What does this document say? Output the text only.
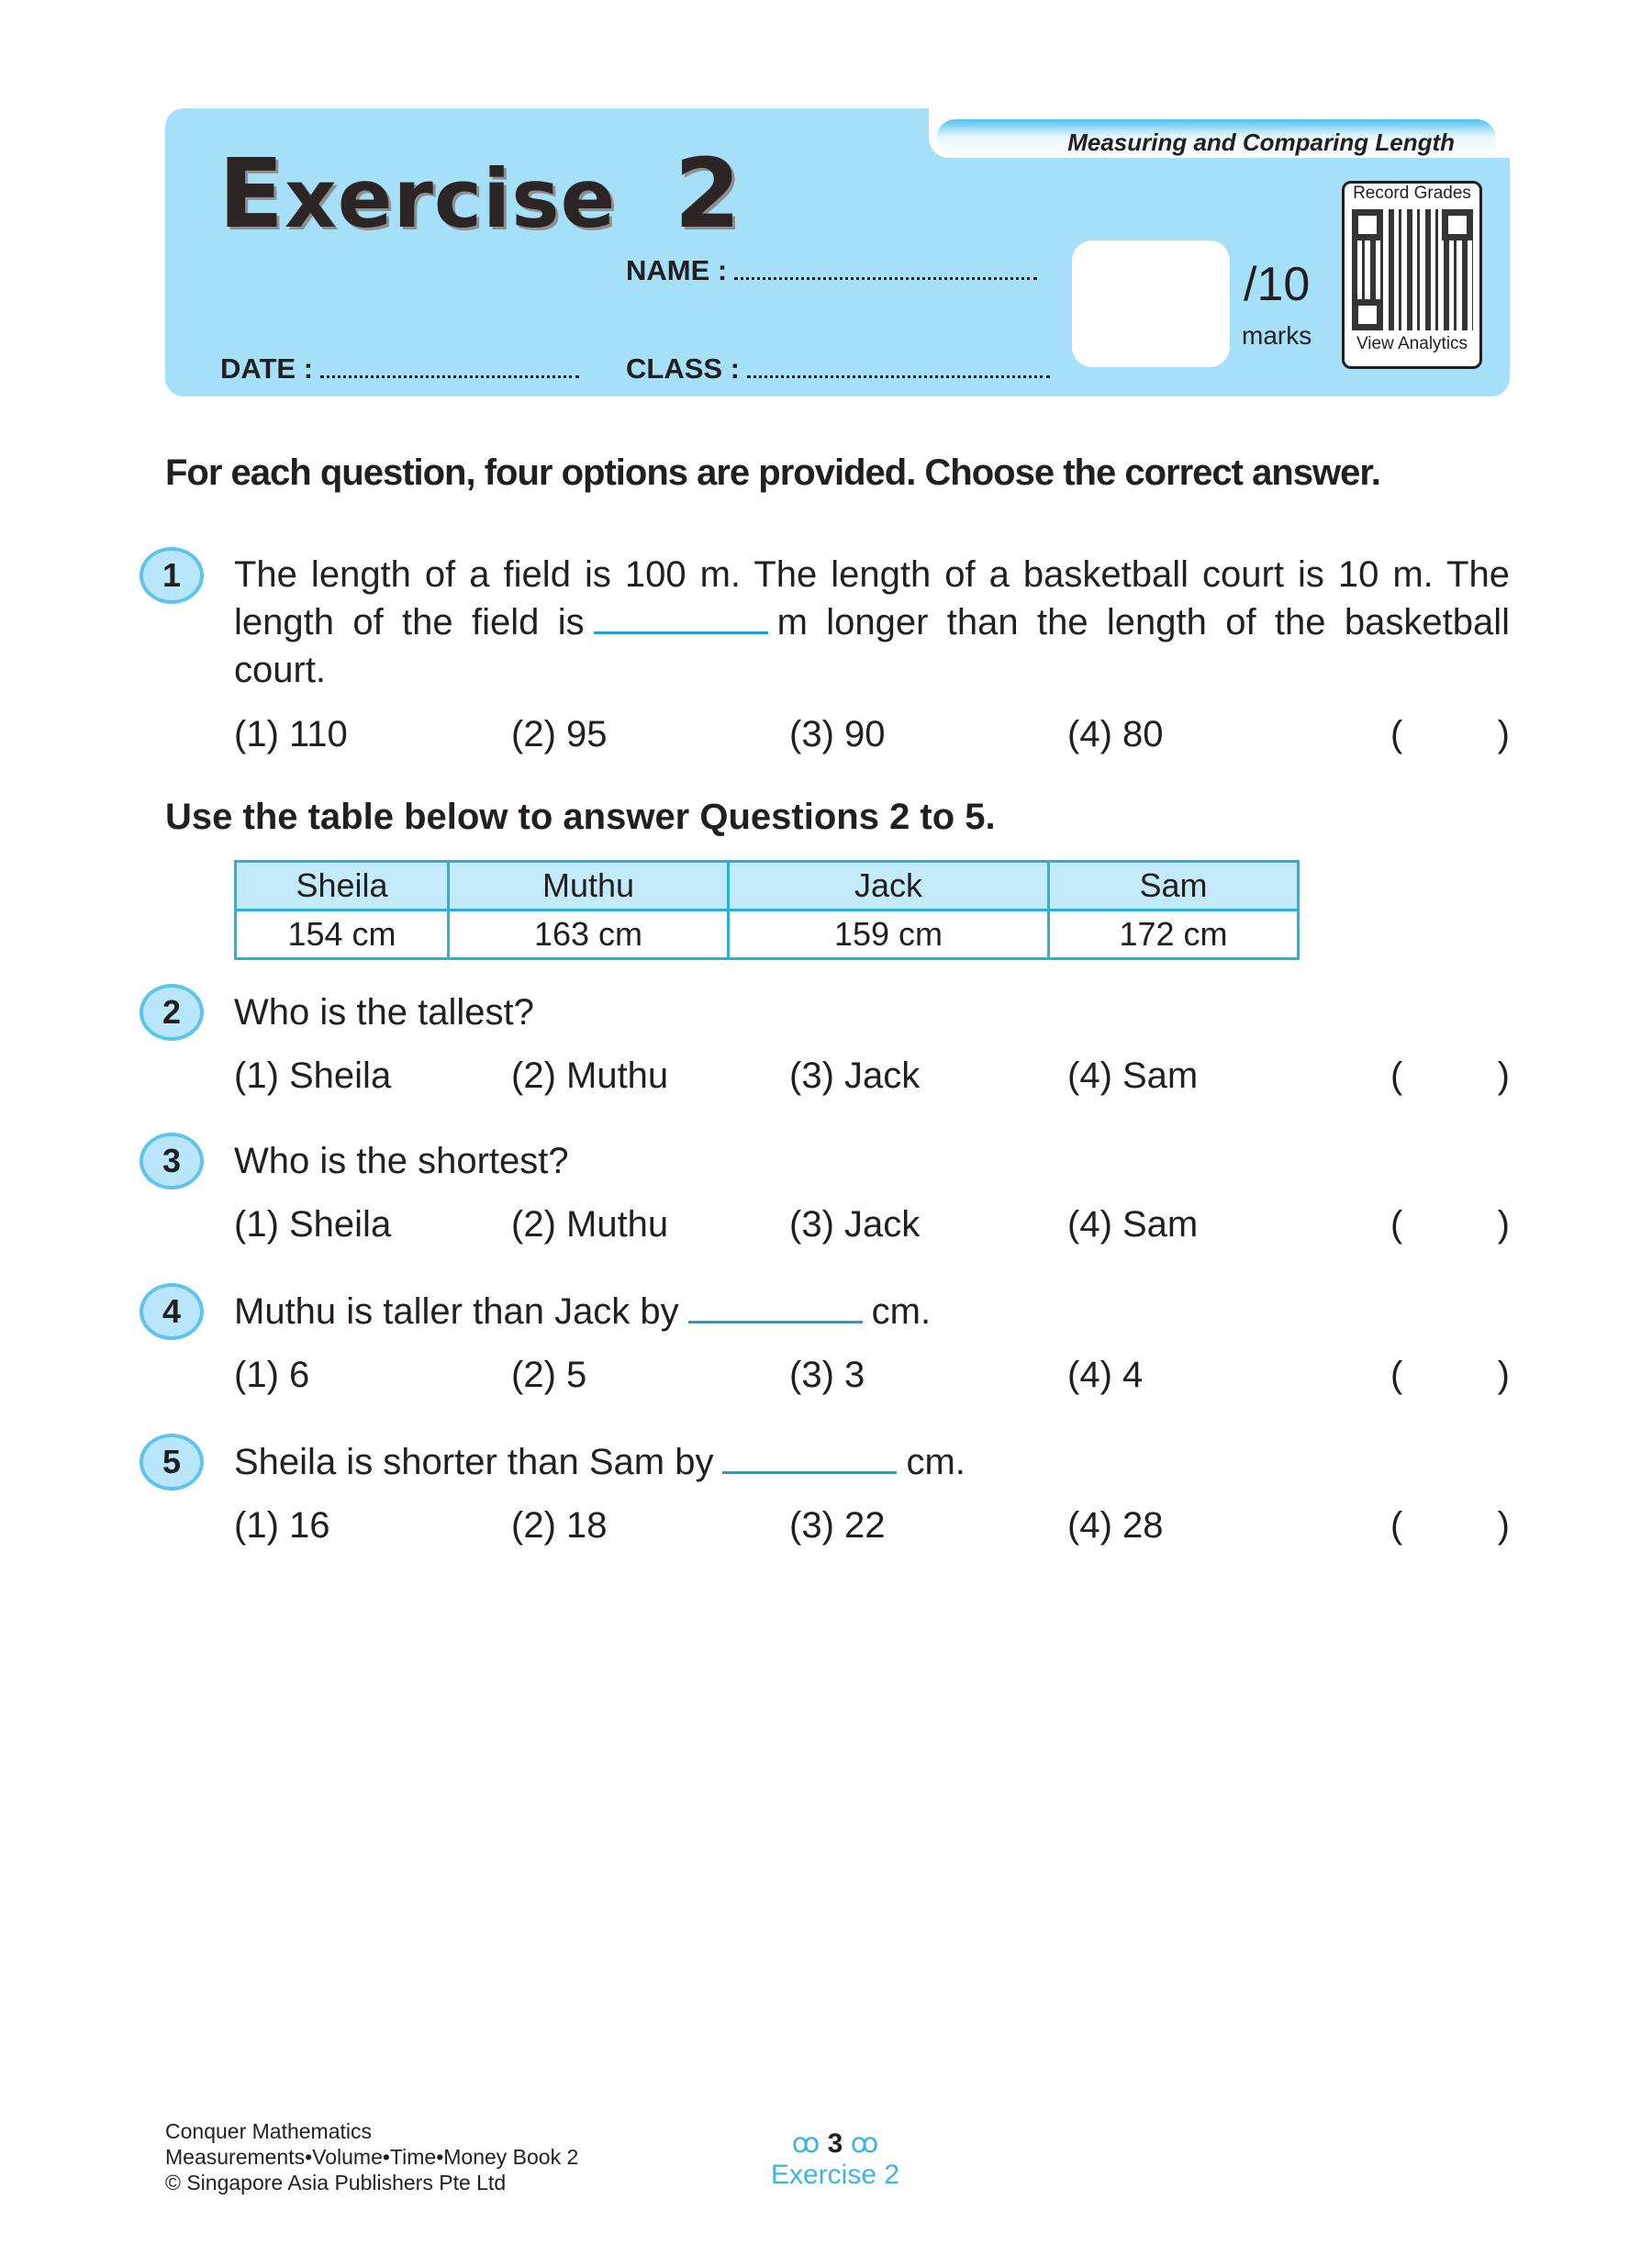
Measuring and Comparing Length
Exercise 2
NAME :
DATE :	CLASS :
/10
marks
Record Grades
View Analytics
For each question, four options are provided. Choose the correct answer.
1	The length of a field is 100 m. The length of a basketball court is 10 m. The length of the field is	m longer than the length of the basketball court.
(1) 110	(2) 95	(3) 90	(4) 80	(	)
Use the table below to answer Questions 2 to 5.
Sheila	Muthu	Jack	Sam
154 cm	163 cm	159 cm	172 cm
2	Who is the tallest?
(1) Sheila	(2) Muthu	(3) Jack	(4) Sam	(	)
3	Who is the shortest?
(1) Sheila	(2) Muthu	(3) Jack	(4) Sam	(	)
4	Muthu is taller than Jack by	cm.
(1) 6	(2) 5	(3) 3	(4) 4	(	)
5	Sheila is shorter than Sam by	cm.
(1) 16	(2) 18	(3) 22	(4) 28	(	)
Conquer Mathematics
Measurements•Volume•Time•Money Book 2
© Singapore Asia Publishers Pte Ltd
ꝏ 3 ꝏ
Exercise 2
